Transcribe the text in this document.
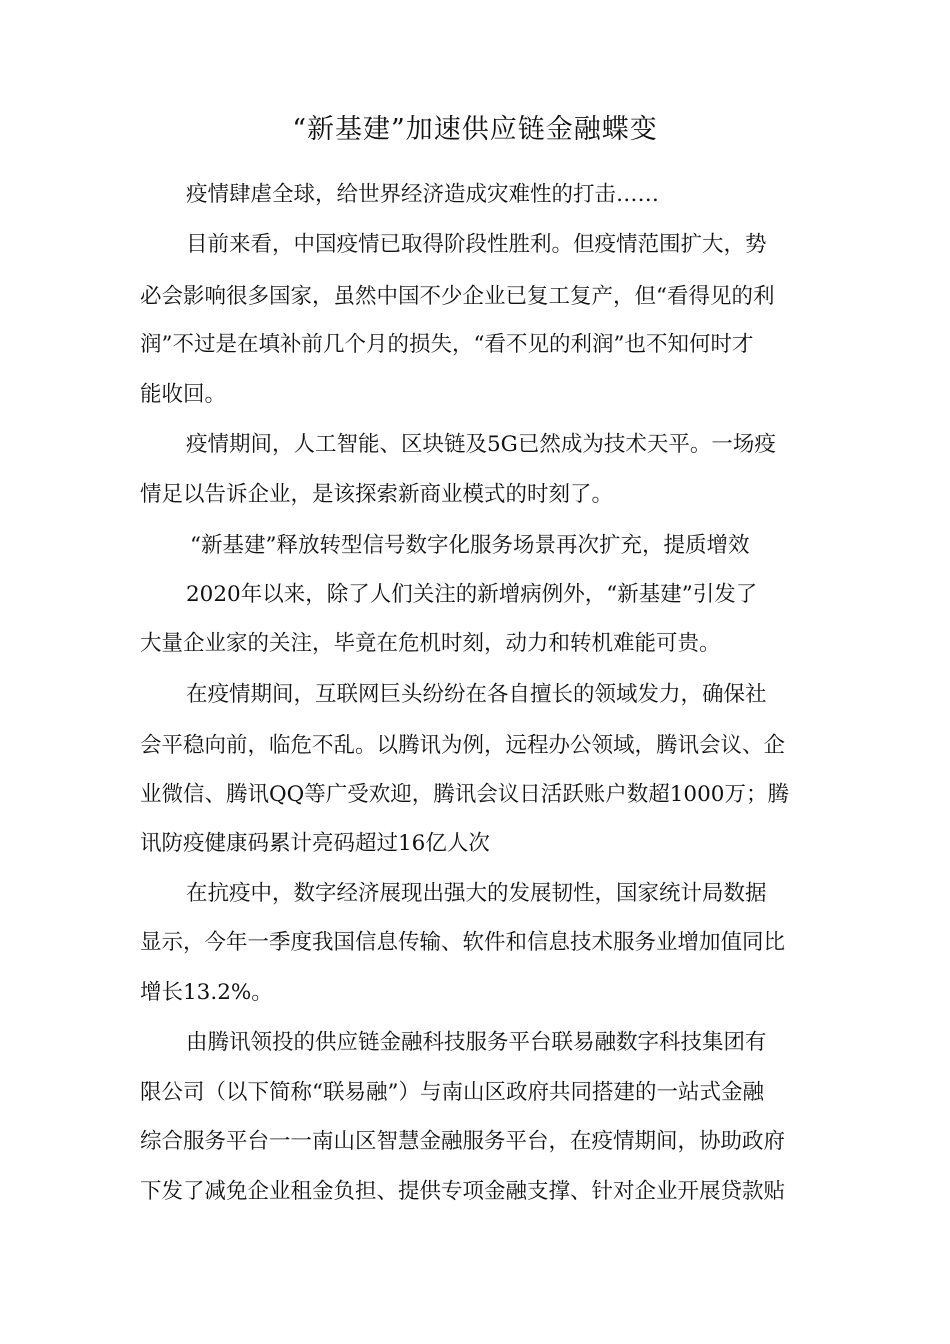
“新基建”加速供应链金融蝶变
疫情肆虐全球，给世界经济造成灾难性的打击……
目前来看，中国疫情已取得阶段性胜利。但疫情范围扩大，势
必会影响很多国家，虽然中国不少企业已复工复产，但“看得见的利
润”不过是在填补前几个月的损失，“看不见的利润”也不知何时才
能收回。
疫情期间，人工智能、区块链及5G已然成为技术天平。一场疫
情足以告诉企业，是该探索新商业模式的时刻了。
“新基建”释放转型信号数字化服务场景再次扩充，提质增效
2020年以来，除了人们关注的新增病例外，“新基建”引发了
大量企业家的关注，毕竟在危机时刻，动力和转机难能可贵。
在疫情期间，互联网巨头纷纷在各自擅长的领域发力，确保社
会平稳向前，临危不乱。以腾讯为例，远程办公领域，腾讯会议、企
业微信、腾讯QQ等广受欢迎，腾讯会议日活跃账户数超1000万；腾
讯防疫健康码累计亮码超过16亿人次
在抗疫中，数字经济展现出强大的发展韧性，国家统计局数据
显示，今年一季度我国信息传输、软件和信息技术服务业增加值同比
增长13.2%。
由腾讯领投的供应链金融科技服务平台联易融数字科技集团有
限公司（以下简称“联易融”）与南山区政府共同搭建的一站式金融
综合服务平台一一南山区智慧金融服务平台，在疫情期间，协助政府
下发了减免企业租金负担、提供专项金融支撑、针对企业开展贷款贴
